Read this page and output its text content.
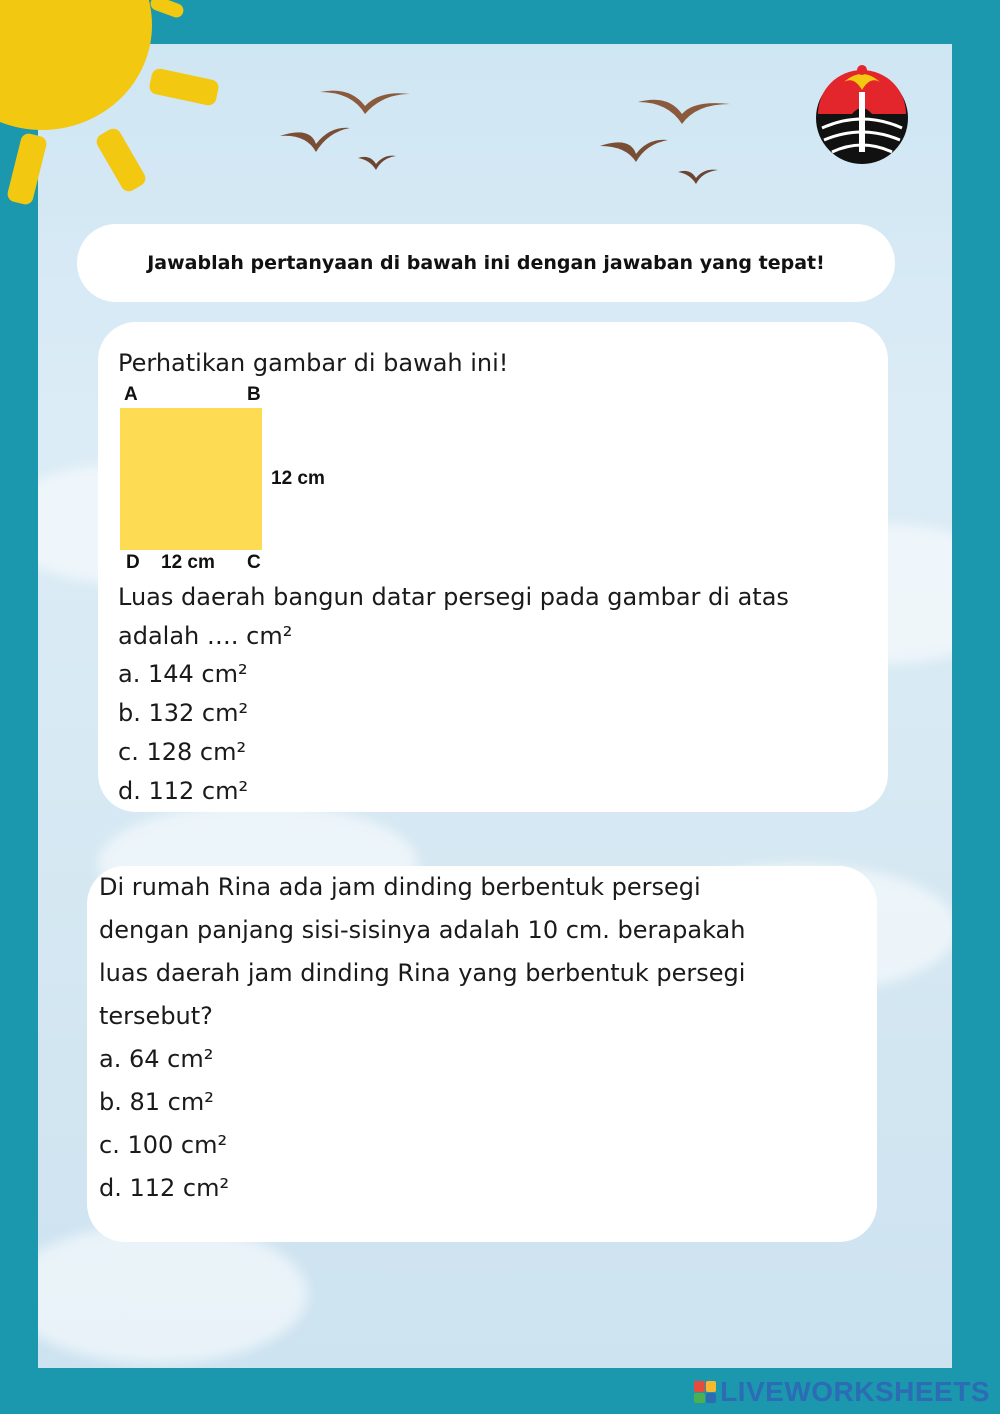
Jawablah pertanyaan di bawah ini dengan jawaban yang tepat!
Perhatikan gambar di bawah ini!
A	B
D	C
12 cm
12 cm
Luas daerah bangun datar persegi pada gambar di atas
adalah …. cm²
a. 144 cm²
b. 132 cm²
c. 128 cm²
d. 112 cm²
Di rumah Rina ada jam dinding berbentuk persegi
dengan panjang sisi-sisinya adalah 10 cm. berapakah
luas daerah jam dinding Rina yang berbentuk persegi
tersebut?
a. 64 cm²
b. 81 cm²
c. 100 cm²
d. 112 cm²
LIVEWORKSHEETS
